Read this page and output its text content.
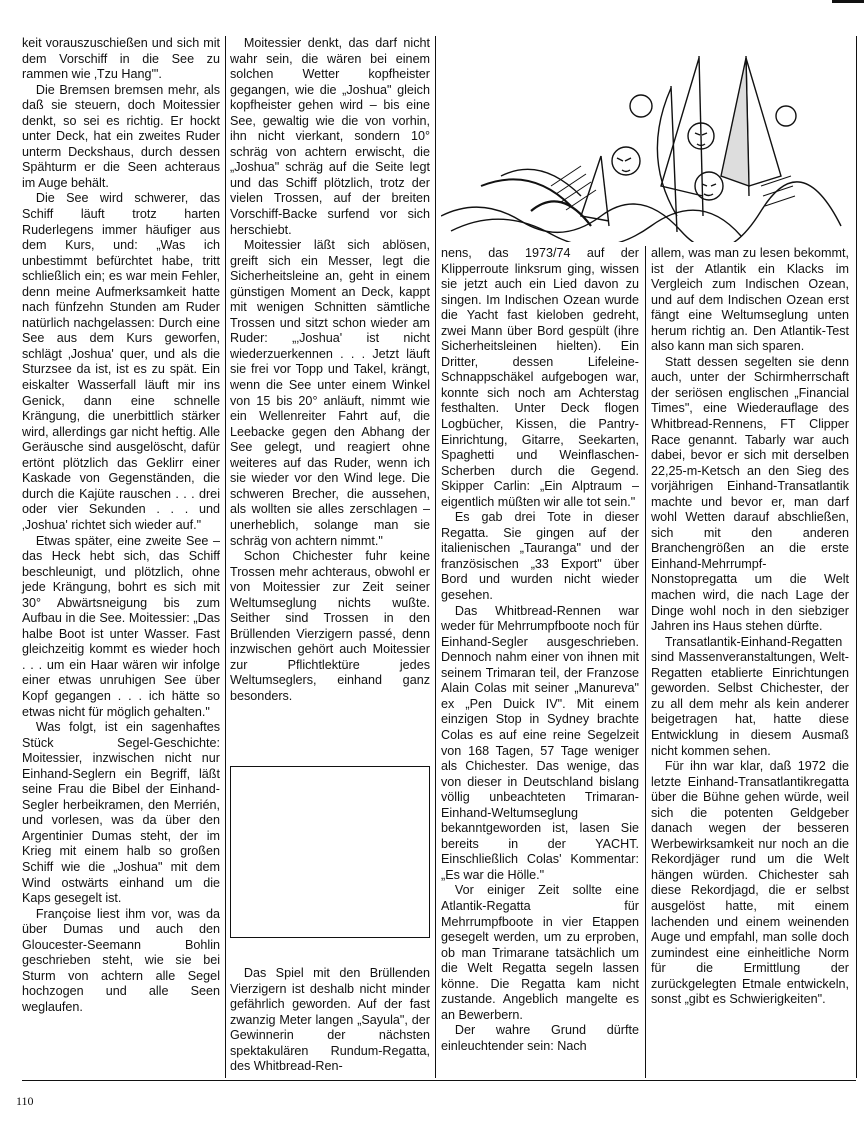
keit vorauszuschießen und sich mit dem Vorschiff in die See zu rammen wie ‚Tzu Hang'".

Die Bremsen bremsen mehr, als daß sie steuern, doch Moitessier denkt, so sei es richtig. Er hockt unter Deck, hat ein zweites Ruder unterm Deckshaus, durch dessen Spähturm er die Seen achteraus im Auge behält.

Die See wird schwerer, das Schiff läuft trotz harten Ruderlegens immer häufiger aus dem Kurs, und: „Was ich unbestimmt befürchtet habe, tritt schließlich ein; es war mein Fehler, denn meine Aufmerksamkeit hatte nach fünfzehn Stunden am Ruder natürlich nachgelassen: Durch eine See aus dem Kurs geworfen, schlägt ‚Joshua' quer, und als die Sturzsee da ist, ist es zu spät. Ein eiskalter Wasserfall läuft mir ins Genick, dann eine schnelle Krängung, die unerbittlich stärker wird, allerdings gar nicht heftig. Alle Geräusche sind ausgelöscht, dafür ertönt plötzlich das Geklirr einer Kaskade von Gegenständen, die durch die Kajüte rauschen . . . drei oder vier Sekunden . . . und ‚Joshua' richtet sich wieder auf."

Etwas später, eine zweite See – das Heck hebt sich, das Schiff beschleunigt, und plötzlich, ohne jede Krängung, bohrt es sich mit 30° Abwärtsneigung bis zum Aufbau in die See. Moitessier: „Das halbe Boot ist unter Wasser. Fast gleichzeitig kommt es wieder hoch . . . um ein Haar wären wir infolge einer etwas unruhigen See über Kopf gegangen . . . ich hätte so etwas nicht für möglich gehalten."

Was folgt, ist ein sagenhaftes Stück Segel-Geschichte: Moitessier, inzwischen nicht nur Einhand-Seglern ein Begriff, läßt seine Frau die Bibel der Einhand-Segler herbeikramen, den Merrién, und vorlesen, was da über den Argentinier Dumas steht, der im Krieg mit einem halb so großen Schiff wie die „Joshua" mit dem Wind ostwärts einhand um die Kaps gesegelt ist.

Françoise liest ihm vor, was da über Dumas und auch den Gloucester-Seemann Bohlin geschrieben steht, wie sie bei Sturm von achtern alle Segel hochzogen und alle Seen weglaufen.

Moitessier denkt, das darf nicht wahr sein, die wären bei einem solchen Wetter kopfheister gegangen, wie die „Joshua" gleich kopfheister gehen wird – bis eine See, gewaltig wie die von vorhin, ihn nicht vierkant, sondern 10° schräg von achtern erwischt, die „Joshua" schräg auf die Seite legt und das Schiff plötzlich, trotz der vielen Trossen, auf der breiten Vorschiff-Backe surfend vor sich herschiebt.

Moitessier läßt sich ablösen, greift sich ein Messer, legt die Sicherheitsleine an, geht in einem günstigen Moment an Deck, kappt mit wenigen Schnitten sämtliche Trossen und sitzt schon wieder am Ruder: „‚Joshua' ist nicht wiederzuerkennen . . . Jetzt läuft sie frei vor Topp und Takel, krängt, wenn die See unter einem Winkel von 15 bis 20° anläuft, nimmt wie ein Wellenreiter Fahrt auf, die Leebacke gegen den Abhang der See gelegt, und reagiert ohne weiteres auf das Ruder, wenn ich sie wieder vor den Wind lege. Die schweren Brecher, die aussehen, als wollten sie alles zerschlagen – unerheblich, solange man sie schräg von achtern nimmt."

Schon Chichester fuhr keine Trossen mehr achteraus, obwohl er von Moitessier zur Zeit seiner Weltumseglung nichts wußte. Seither sind Trossen in den Brüllenden Vierzigern passé, denn inzwischen gehört auch Moitessier zur Pflichtlektüre jedes Weltumseglers, einhand ganz besonders.

Das Spiel mit den Brüllenden Vierzigern ist deshalb nicht minder gefährlich geworden. Auf der fast zwanzig Meter langen „Sayula", der Gewinnerin der nächsten spektakulären Rundum-Regatta, des Whitbread-Ren-

nens, das 1973/74 auf der Klipperroute linksrum ging, wissen sie jetzt auch ein Lied davon zu singen. Im Indischen Ozean wurde die Yacht fast kieloben gedreht, zwei Mann über Bord gespült (ihre Sicherheitsleinen hielten). Ein Dritter, dessen Lifeleine-Schnappschäkel aufgebogen war, konnte sich noch am Achterstag festhalten. Unter Deck flogen Logbücher, Kissen, die Pantry-Einrichtung, Gitarre, Seekarten, Spaghetti und Weinflaschen-Scherben durch die Gegend. Skipper Carlin: „Ein Alptraum – eigentlich müßten wir alle tot sein."

Es gab drei Tote in dieser Regatta. Sie gingen auf der italienischen „Tauranga" und der französischen „33 Export" über Bord und wurden nicht wieder gesehen.

Das Whitbread-Rennen war weder für Mehrrumpfboote noch für Einhand-Segler ausgeschrieben. Dennoch nahm einer von ihnen mit seinem Trimaran teil, der Franzose Alain Colas mit seiner „Manureva" ex „Pen Duick IV". Mit einem einzigen Stop in Sydney brachte Colas es auf eine reine Segelzeit von 168 Tagen, 57 Tage weniger als Chichester. Das wenige, das von dieser in Deutschland bislang völlig unbeachteten Trimaran-Einhand-Weltumseglung bekanntgeworden ist, lasen Sie bereits in der YACHT. Einschließlich Colas' Kommentar: „Es war die Hölle."

Vor einiger Zeit sollte eine Atlantik-Regatta für Mehrrumpfboote in vier Etappen gesegelt werden, um zu erproben, ob man Trimarane tatsächlich um die Welt Regatta segeln lassen könne. Die Regatta kam nicht zustande. Angeblich mangelte es an Bewerbern.

Der wahre Grund dürfte einleuchtender sein: Nach

allem, was man zu lesen bekommt, ist der Atlantik ein Klacks im Vergleich zum Indischen Ozean, und auf dem Indischen Ozean erst fängt eine Weltumseglung unten herum richtig an. Den Atlantik-Test also kann man sich sparen.

Statt dessen segelten sie denn auch, unter der Schirmherrschaft der seriösen englischen „Financial Times", eine Wiederauflage des Whitbread-Rennens, FT Clipper Race genannt. Tabarly war auch dabei, bevor er sich mit derselben 22,25-m-Ketsch an den Sieg des vorjährigen Einhand-Transatlantik machte und bevor er, man darf wohl Wetten darauf abschließen, sich mit den anderen Branchengrößen an die erste Einhand-Mehrrumpf-Nonstopregatta um die Welt machen wird, die nach Lage der Dinge wohl noch in den siebziger Jahren ins Haus stehen dürfte.

Transatlantik-Einhand-Regatten sind Massenveranstaltungen, Welt-Regatten etablierte Einrichtungen geworden. Selbst Chichester, der zu all dem mehr als kein anderer beigetragen hat, hatte diese Entwicklung in diesem Ausmaß nicht kommen sehen.

Für ihn war klar, daß 1972 die letzte Einhand-Transatlantikregatta über die Bühne gehen würde, weil sich die potenten Geldgeber danach wegen der besseren Werbewirksamkeit nur noch an die Rekordjäger rund um die Welt hängen würden. Chichester sah diese Rekordjagd, die er selbst ausgelöst hatte, mit einem lachenden und einem weinenden Auge und empfahl, man solle doch zumindest eine einheitliche Norm für die Ermittlung der zurückgelegten Etmale entwickeln, sonst „gibt es Schwierigkeiten".

110
